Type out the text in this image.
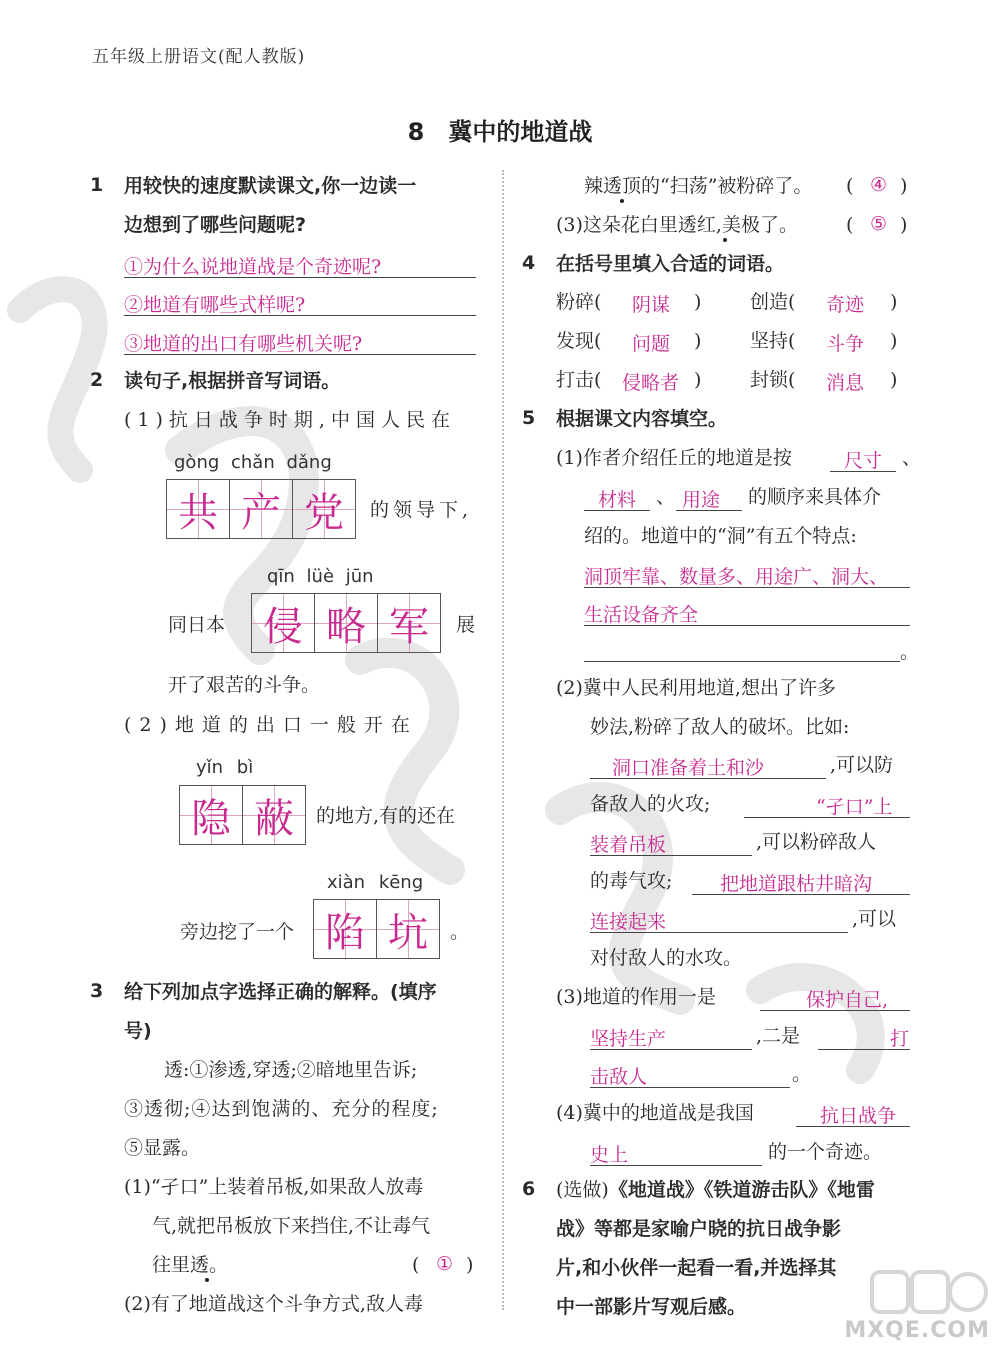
五年级上册语文(配人教版)
8 冀中的地道战
1 用较快的速度默读课文,你一边读一
边想到了哪些问题呢?
①为什么说地道战是个奇迹呢?
②地道有哪些式样呢?
③地道的出口有哪些机关呢?
2 读句子,根据拼音写词语。
(1)抗日战争时期,中国人民在
gòng chǎn dǎng
共 产 党 的领导下,
qīn lüè jūn
同日本 侵 略 军 展
开了艰苦的斗争。
(2)地道的出口一般开在
yǐn bì
隐 蔽 的地方,有的还在
xiàn kēng
旁边挖了一个 陷 坑 。
3 给下列加点字选择正确的解释。(填序
号)
透:①渗透,穿透;②暗地里告诉;
③透彻;④达到饱满的、充分的程度;
⑤显露。
(1)“孑口”上装着吊板,如果敌人放毒
气,就把吊板放下来挡住,不让毒气
往里透。	( ① )
(2)有了地道战这个斗争方式,敌人毒
辣透顶的“扫荡”被粉碎了。 ( ④ )
(3)这朵花白里透红,美极了。	( ⑤ )
4 在括号里填入合适的词语。
粉碎( 阴谋 )	创造( 奇迹 )
发现( 问题 )	坚持( 斗争 )
打击( 侵略者 )	封锁( 消息 )
5 根据课文内容填空。
(1)作者介绍任丘的地道是按	尺寸 、
材料 、 用途 的顺序来具体介
绍的。地道中的“洞”有五个特点:
洞顶牢靠、数量多、用途广、洞大、
生活设备齐全
。
(2)冀中人民利用地道,想出了许多
妙法,粉碎了敌人的破坏。比如:
洞口准备着土和沙	,可以防
备敌人的火攻;	“孑口”上
装着吊板	,可以粉碎敌人
的毒气攻;	把地道跟枯井暗沟
连接起来	,可以
对付敌人的水攻。
(3)地道的作用一是	保护自己,
坚持生产	,二是	打
击敌人	。
(4)冀中的地道战是我国	抗日战争
史上	的一个奇迹。
6 (选做)《地道战》《铁道游击队》《地雷
战》等都是家喻户晓的抗日战争影
片,和小伙伴一起看一看,并选择其
中一部影片写观后感。
MXQE.COM
